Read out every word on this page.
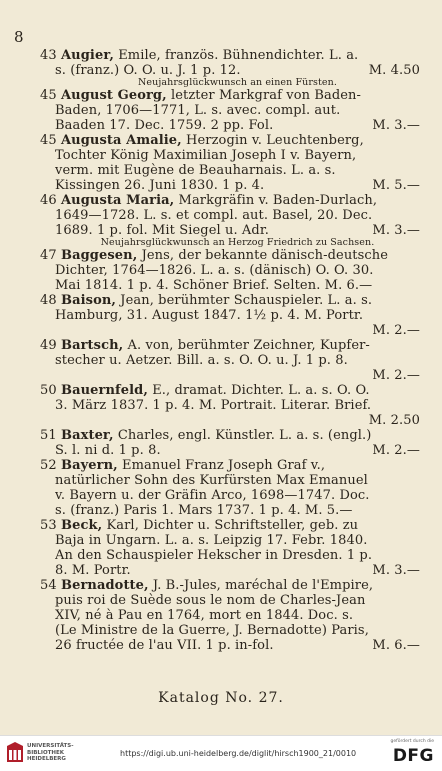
8
43 Augier, Emile, französ. Bühnendichter. L. a.
s. (franz.) O. O. u. J. 1 p. 12.	M. 4.50
Neujahrsglückwunsch an einen Fürsten.
45 August Georg, letzter Markgraf von Baden-
Baden, 1706—1771, L. s. avec. compl. aut.
Baaden 17. Dec. 1759. 2 pp. Fol.	M. 3.—
45 Augusta Amalie, Herzogin v. Leuchtenberg,
Tochter König Maximilian Joseph I v. Bayern,
verm. mit Eugène de Beauharnais. L. a. s.
Kissingen 26. Juni 1830. 1 p. 4.	M. 5.—
46 Augusta Maria, Markgräfin v. Baden-Durlach,
1649—1728. L. s. et compl. aut. Basel, 20. Dec.
1689. 1 p. fol. Mit Siegel u. Adr.	M. 3.—
Neujahrsglückwunsch an Herzog Friedrich zu Sachsen.
47 Baggesen, Jens, der bekannte dänisch-deutsche
Dichter, 1764—1826. L. a. s. (dänisch) O. O. 30.
Mai 1814. 1 p. 4. Schöner Brief. Selten. M. 6.—
48 Baison, Jean, berühmter Schauspieler. L. a. s.
Hamburg, 31. August 1847. 1½ p. 4. M. Portr.
M. 2.—
49 Bartsch, A. von, berühmter Zeichner, Kupfer-
stecher u. Aetzer. Bill. a. s. O. O. u. J. 1 p. 8.
M. 2.—
50 Bauernfeld, E., dramat. Dichter. L. a. s. O. O.
3. März 1837. 1 p. 4. M. Portrait. Literar. Brief.
M. 2.50
51 Baxter, Charles, engl. Künstler. L. a. s. (engl.)
S. l. ni d. 1 p. 8.	M. 2.—
52 Bayern, Emanuel Franz Joseph Graf v.,
natürlicher Sohn des Kurfürsten Max Emanuel
v. Bayern u. der Gräfin Arco, 1698—1747. Doc.
s. (franz.) Paris 1. Mars 1737. 1 p. 4. M. 5.—
53 Beck, Karl, Dichter u. Schriftsteller, geb. zu
Baja in Ungarn. L. a. s. Leipzig 17. Febr. 1840.
An den Schauspieler Hekscher in Dresden. 1 p.
8. M. Portr.	M. 3.—
54 Bernadotte, J. B.-Jules, maréchal de l'Empire,
puis roi de Suède sous le nom de Charles-Jean
XIV, né à Pau en 1764, mort en 1844. Doc. s.
(Le Ministre de la Guerre, J. Bernadotte) Paris,
26 fructée de l'au VII. 1 p. in-fol.	M. 6.—
Katalog No. 27.
UNIVERSITÄTS-
BIBLIOTHEK
HEIDELBERG
https://digi.ub.uni-heidelberg.de/diglit/hirsch1900_21/0010
gefördert durch die
DFG
